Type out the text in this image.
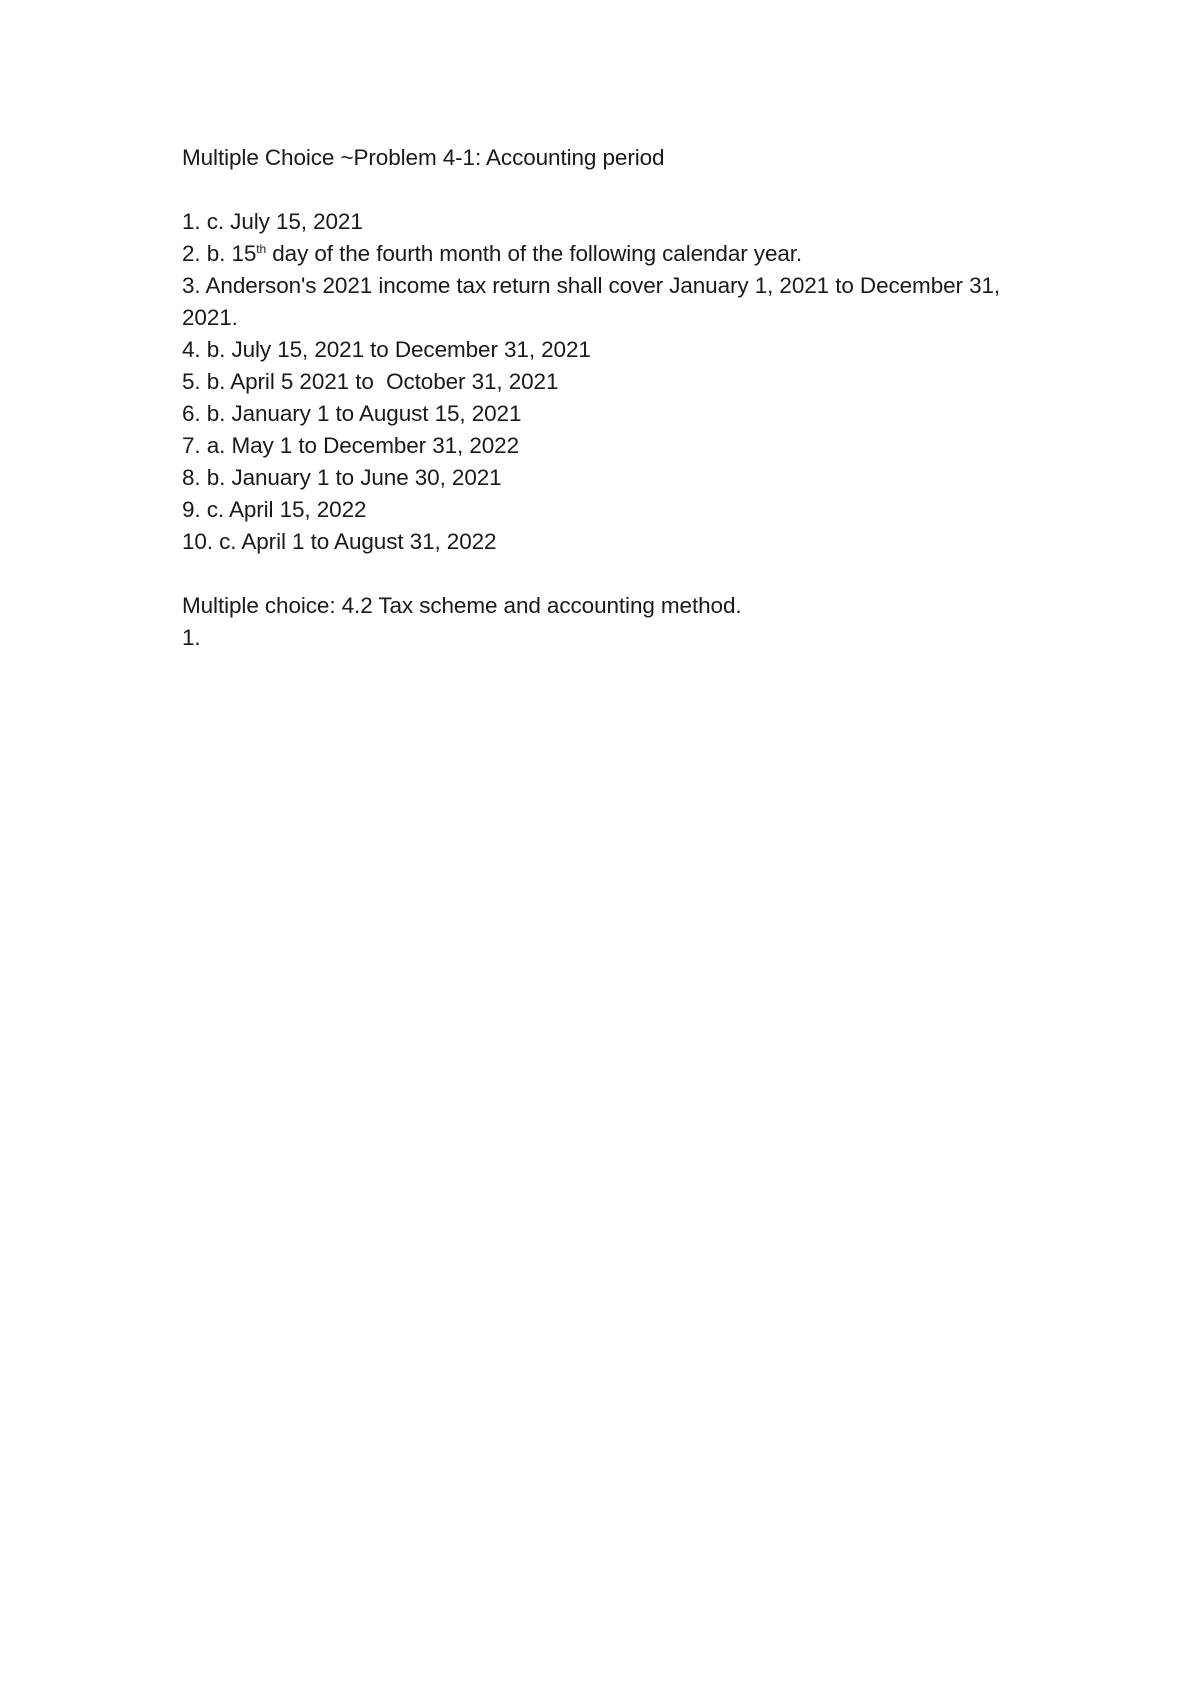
Multiple Choice ~Problem 4-1: Accounting period
1. c. July 15, 2021
2. b. 15th day of the fourth month of the following calendar year.
3. Anderson's 2021 income tax return shall cover January 1, 2021 to December 31, 2021.
4. b. July 15, 2021 to December 31, 2021
5. b. April 5 2021 to  October 31, 2021
6. b. January 1 to August 15, 2021
7. a. May 1 to December 31, 2022
8. b. January 1 to June 30, 2021
9. c. April 15, 2022
10. c. April 1 to August 31, 2022
Multiple choice: 4.2 Tax scheme and accounting method.
1.
